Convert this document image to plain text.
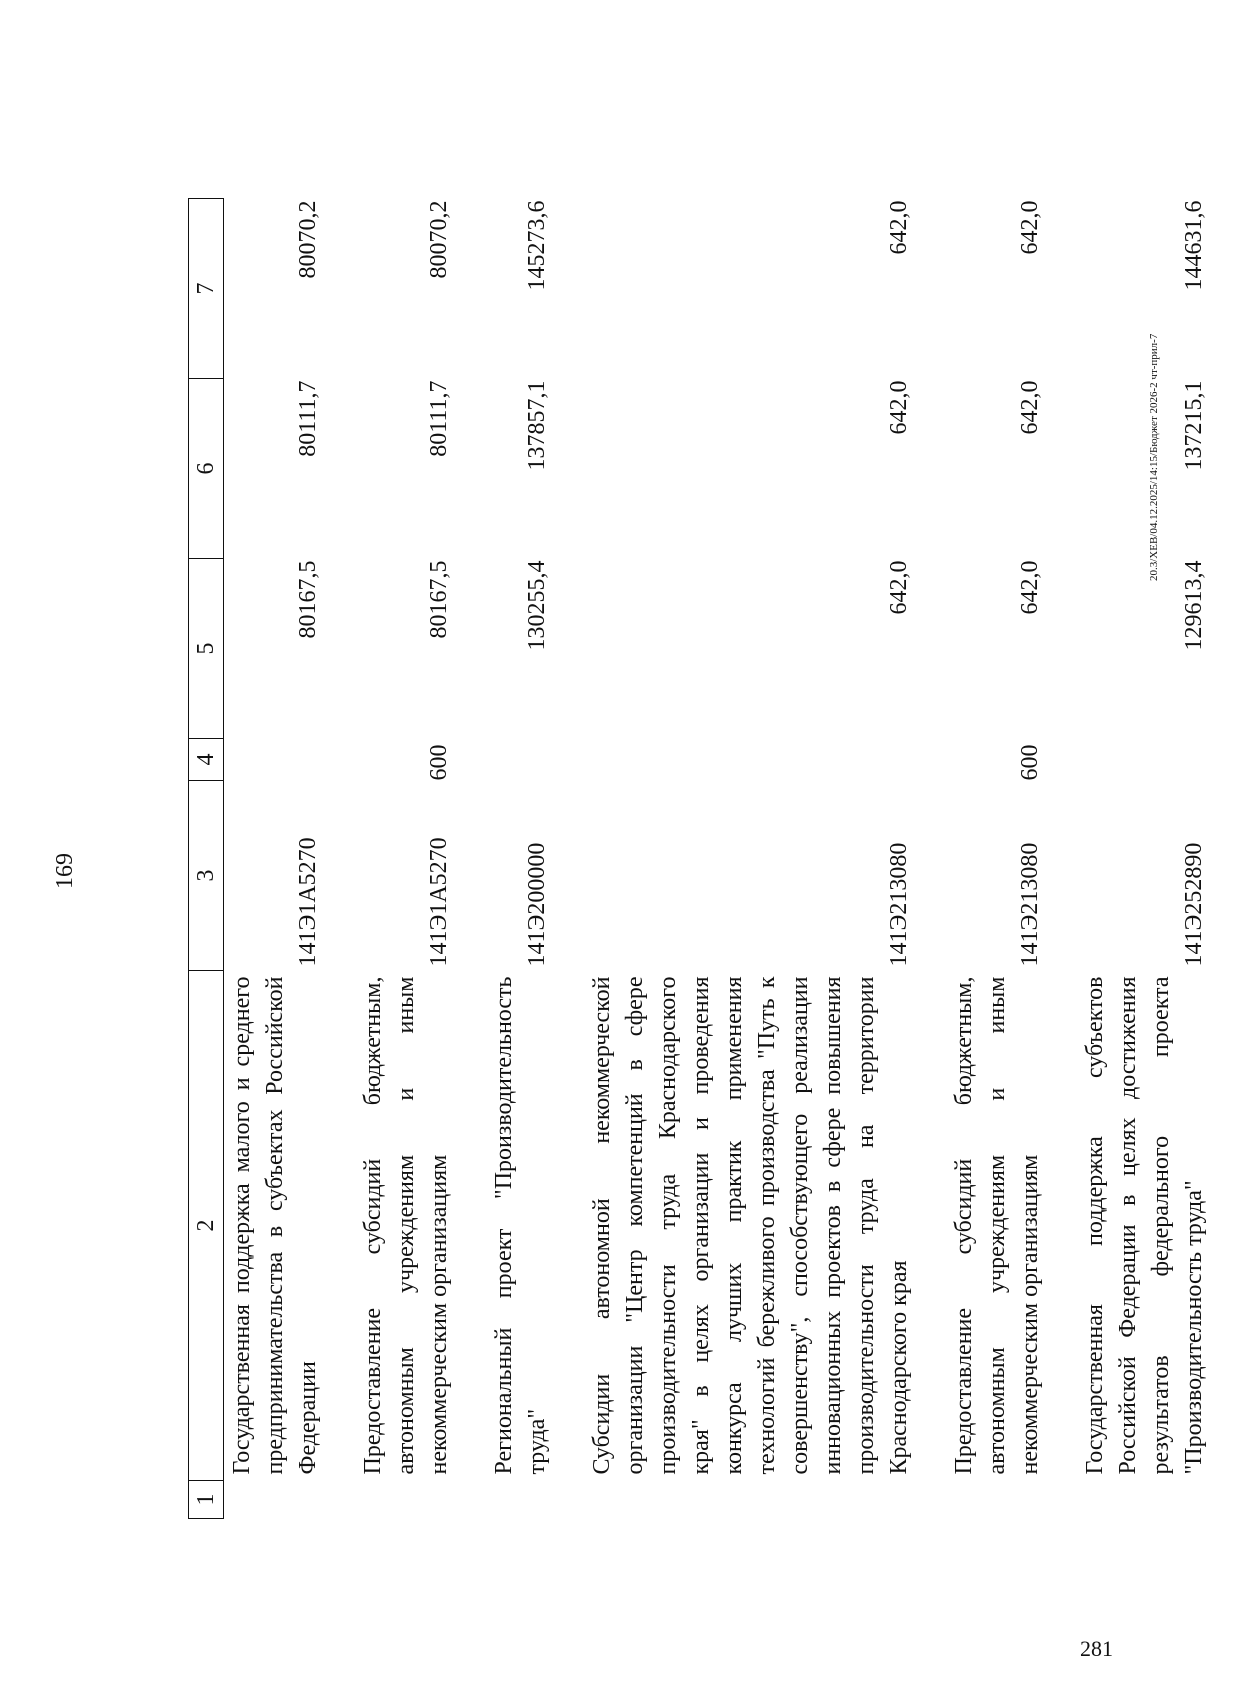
169
1	2	3	4	5	6	7
	Государственная поддержка малого и среднего предпринимательства в субъектах Российской Федерации	141Э1А5270		80167,5	80111,7	80070,2
	Предоставление субсидий бюджетным, автономным учреждениям и иным некоммерческим организациям	141Э1А5270	600	80167,5	80111,7	80070,2
	Региональный проект "Производительность труда"	141Э200000		130255,4	137857,1	145273,6
	Субсидии автономной некоммерческой организации "Центр компетенций в сфере производительности труда Краснодарского края" в целях организации и проведения конкурса лучших практик применения технологий бережливого производства "Путь к совершенству", способствующего реализации инновационных проектов в сфере повышения производительности труда на территории Краснодарского края	141Э213080		642,0	642,0	642,0
	Предоставление субсидий бюджетным, автономным учреждениям и иным некоммерческим организациям	141Э213080	600	642,0	642,0	642,0
	Государственная поддержка субъектов Российской Федерации в целях достижения результатов федерального проекта "Производительность труда"	141Э252890		129613,4	137215,1	144631,6
20.3/XEB/04.12.2025/14:15/Бюджет 2026-2 чт-прил-7
281
